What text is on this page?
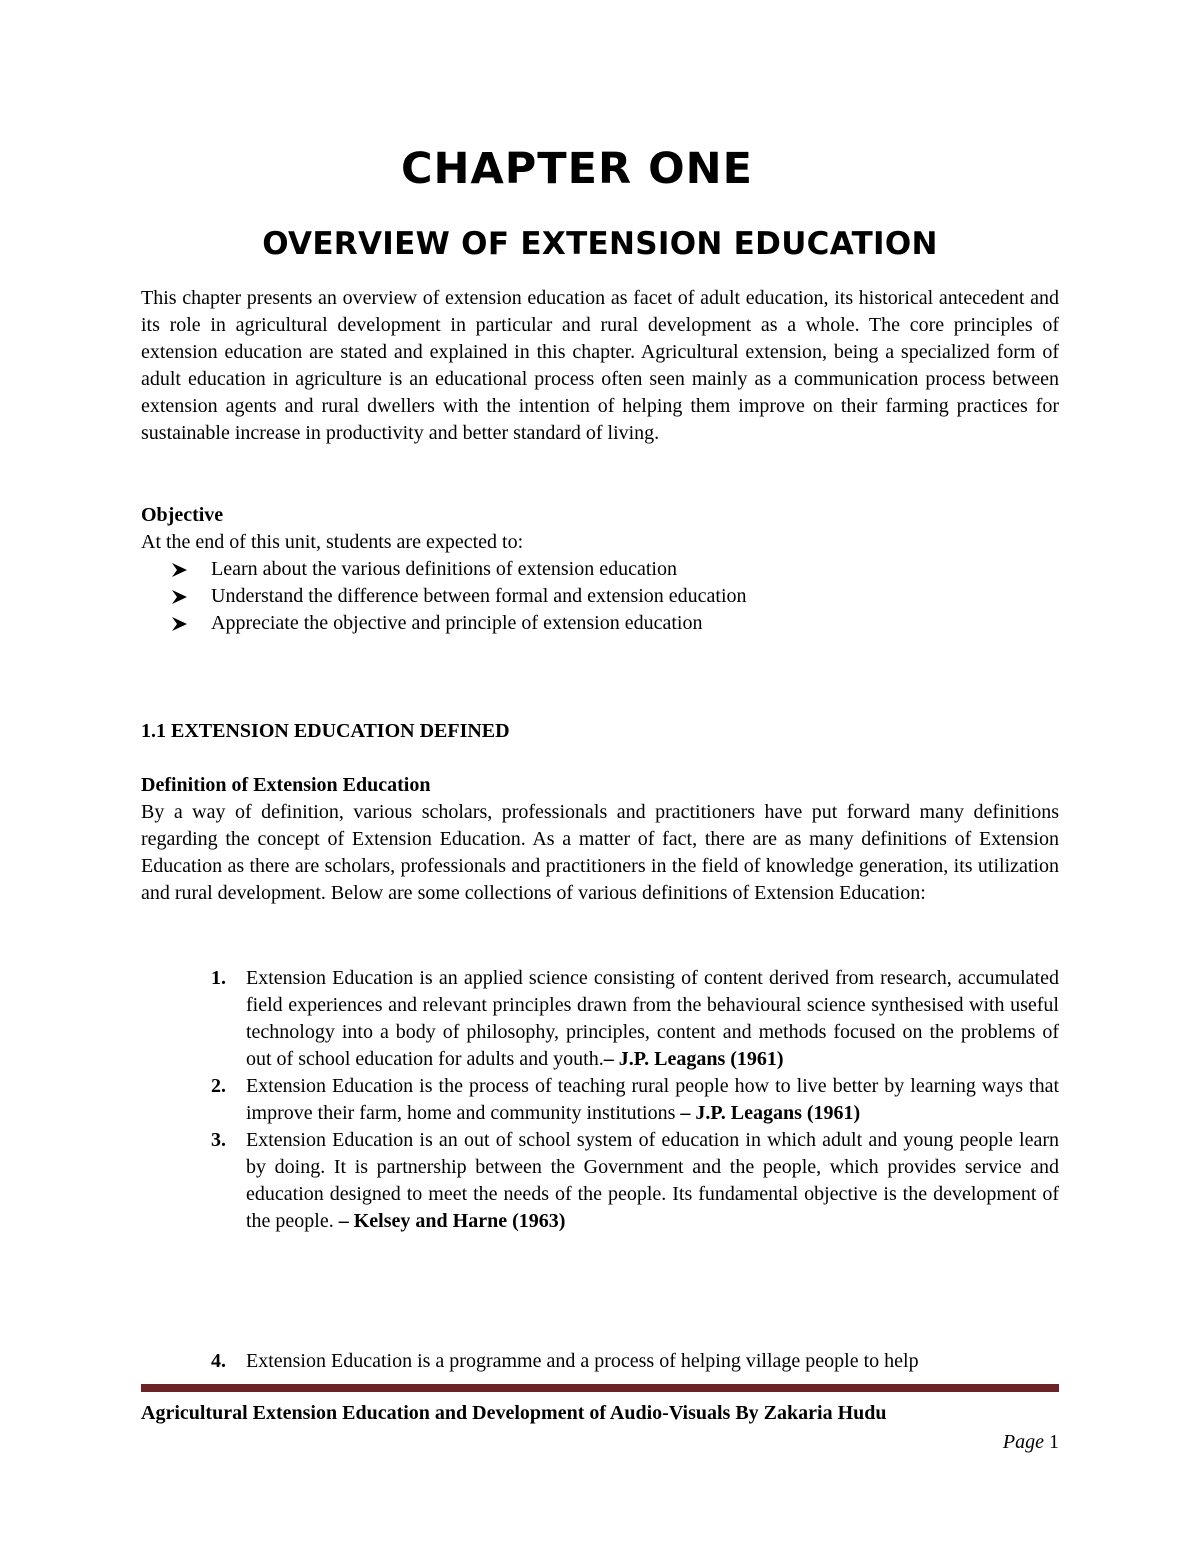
CHAPTER ONE
OVERVIEW OF EXTENSION EDUCATION

This chapter presents an overview of extension education as facet of adult education, its historical antecedent and its role in agricultural development in particular and rural development as a whole. The core principles of extension education are stated and explained in this chapter. Agricultural extension, being a specialized form of adult education in agriculture is an educational process often seen mainly as a communication process between extension agents and rural dwellers with the intention of helping them improve on their farming practices for sustainable increase in productivity and better standard of living.

Objective

At the end of this unit, students are expected to:

Learn about the various definitions of extension education
Understand the difference between formal and extension education
Appreciate the objective and principle of extension education

1.1 EXTENSION EDUCATION DEFINED

Definition of Extension Education

By a way of definition, various scholars, professionals and practitioners have put forward many definitions regarding the concept of Extension Education. As a matter of fact, there are as many definitions of Extension Education as there are scholars, professionals and practitioners in the field of knowledge generation, its utilization and rural development. Below are some collections of various definitions of Extension Education:

1. Extension Education is an applied science consisting of content derived from research, accumulated field experiences and relevant principles drawn from the behavioural science synthesised with useful technology into a body of philosophy, principles, content and methods focused on the problems of out of school education for adults and youth.– J.P. Leagans (1961)
2. Extension Education is the process of teaching rural people how to live better by learning ways that improve their farm, home and community institutions – J.P. Leagans (1961)
3. Extension Education is an out of school system of education in which adult and young people learn by doing. It is partnership between the Government and the people, which provides service and education designed to meet the needs of the people. Its fundamental objective is the development of the people. – Kelsey and Harne (1963)
4. Extension Education is a programme and a process of helping village people to help

Agricultural Extension Education and Development of Audio-Visuals By Zakaria Hudu

Page 1
